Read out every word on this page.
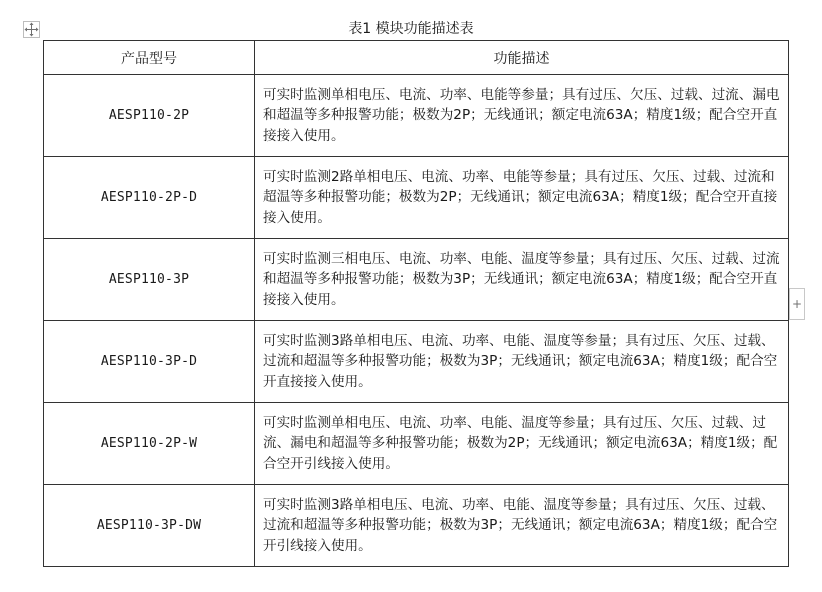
表1 模块功能描述表
产品型号	功能描述
AESP110-2P	可实时监测单相电压、电流、功率、电能等参量；具有过压、欠压、过载、过流、漏电和超温等多种报警功能；极数为2P；无线通讯；额定电流63A；精度1级；配合空开直接接入使用。
AESP110-2P-D	可实时监测2路单相电压、电流、功率、电能等参量；具有过压、欠压、过载、过流和超温等多种报警功能；极数为2P；无线通讯；额定电流63A；精度1级；配合空开直接接入使用。
AESP110-3P	可实时监测三相电压、电流、功率、电能、温度等参量；具有过压、欠压、过载、过流和超温等多种报警功能；极数为3P；无线通讯；额定电流63A；精度1级；配合空开直接接入使用。
AESP110-3P-D	可实时监测3路单相电压、电流、功率、电能、温度等参量；具有过压、欠压、过载、过流和超温等多种报警功能；极数为3P；无线通讯；额定电流63A；精度1级；配合空开直接接入使用。
AESP110-2P-W	可实时监测单相电压、电流、功率、电能、温度等参量；具有过压、欠压、过载、过流、漏电和超温等多种报警功能；极数为2P；无线通讯；额定电流63A；精度1级；配合空开引线接入使用。
AESP110-3P-DW	可实时监测3路单相电压、电流、功率、电能、温度等参量；具有过压、欠压、过载、过流和超温等多种报警功能；极数为3P；无线通讯；额定电流63A；精度1级；配合空开引线接入使用。
+
